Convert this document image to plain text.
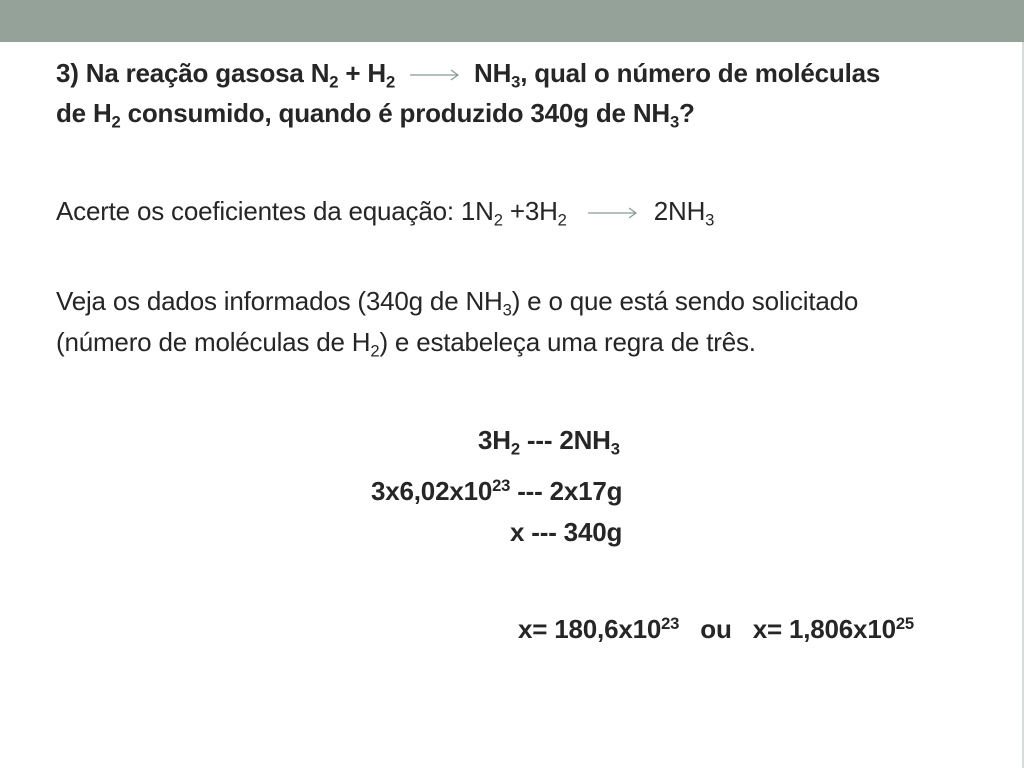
3) Na reação gasosa $N_2 + H_2 \to NH_3$, qual o número de moléculas
de $H_2$ consumido, quando é produzido 340g de $NH_3$?
Acerte os coeficientes da equação: $1N_2 +3H_2 \to 2NH_3$
Veja os dados informados (340g de $NH_3$) e o que está sendo solicitado
(número de moléculas de $H_2$) e estabeleça uma regra de três.
$3H_2$ --- $2NH_3$
$3x6,02x10^{23}$ --- 2x17g
x --- 340g
$x= 180,6x10^{23}$   ou   $x= 1,806x10^{25}$
